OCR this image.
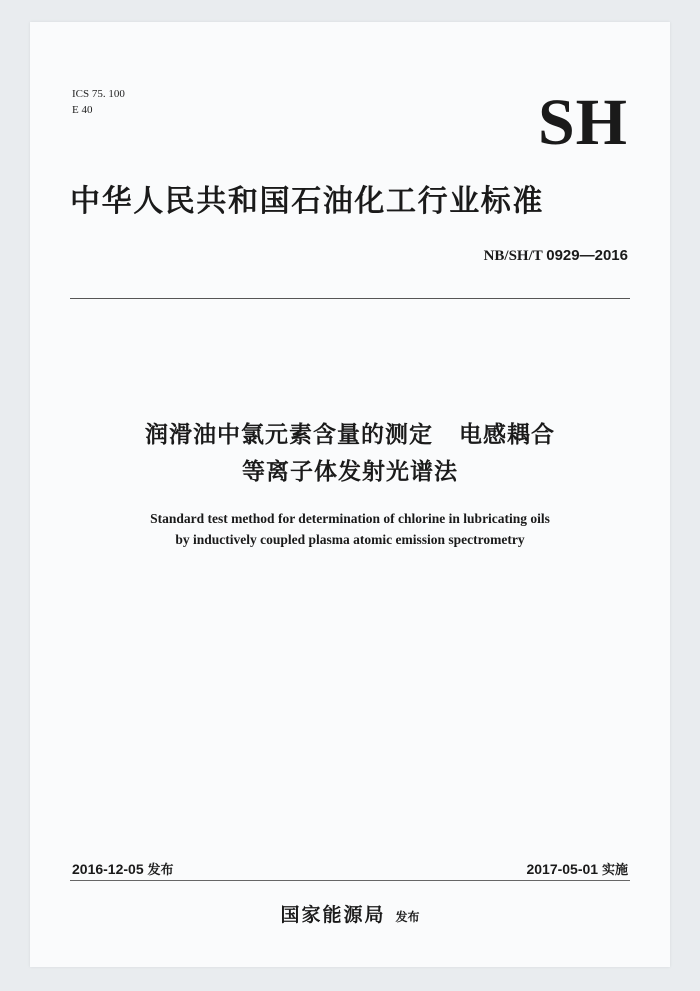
ICS 75. 100
E 40	SH
中华人民共和国石油化工行业标准
NB/SH/T 0929—2016
润滑油中氯元素含量的测定 电感耦合
等离子体发射光谱法
Standard test method for determination of chlorine in lubricating oils
by inductively coupled plasma atomic emission spectrometry
2016-12-05 发布	2017-05-01 实施
国家能源局 发布
